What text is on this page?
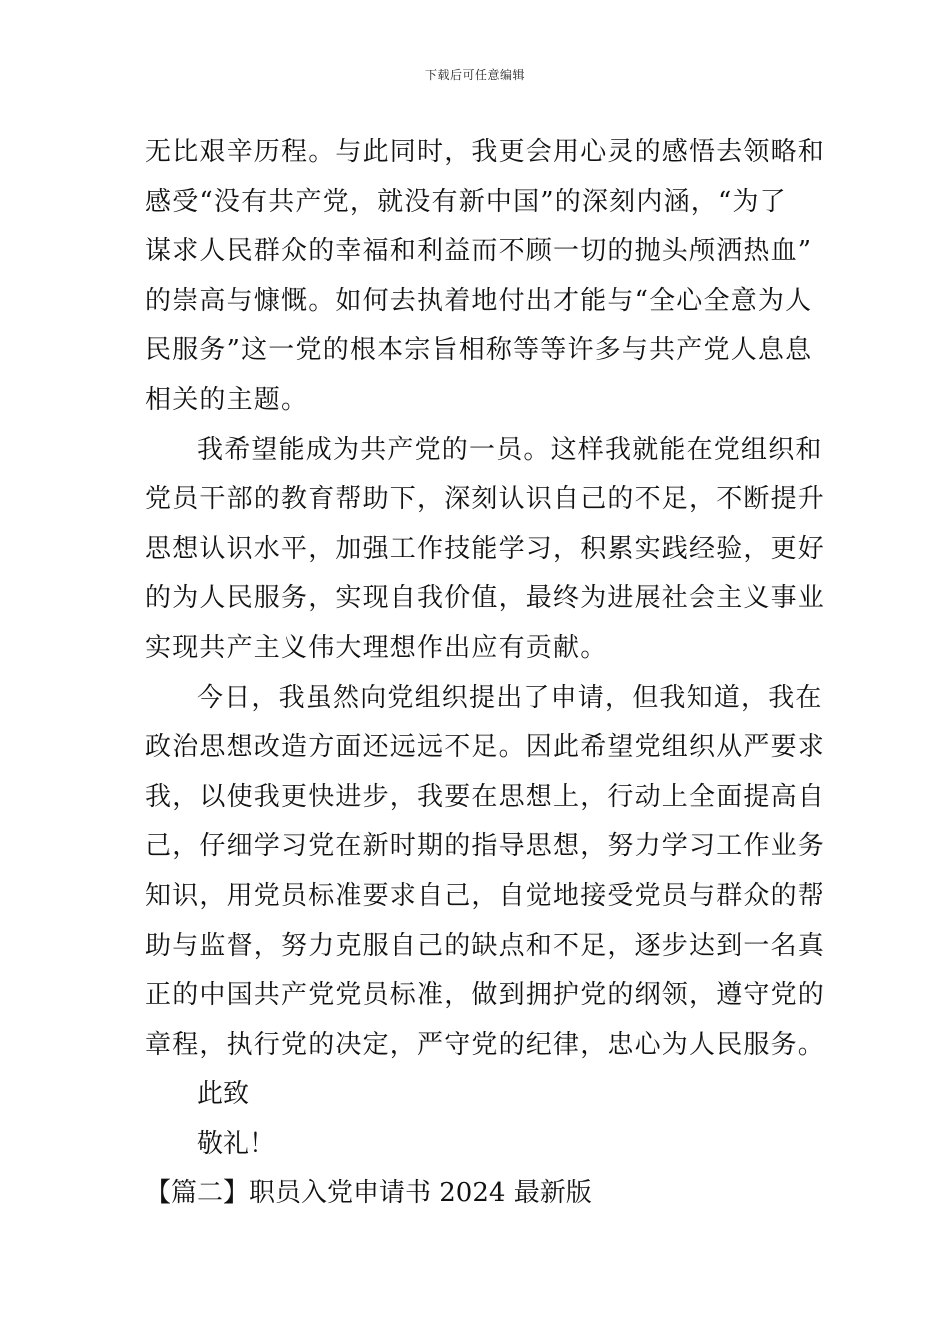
下载后可任意编辑
无比艰辛历程。与此同时，我更会用心灵的感悟去领略和
感受“没有共产党，就没有新中国”的深刻内涵，“为了
谋求人民群众的幸福和利益而不顾一切的抛头颅洒热血”
的崇高与慷慨。如何去执着地付出才能与“全心全意为人
民服务”这一党的根本宗旨相称等等许多与共产党人息息
相关的主题。
我希望能成为共产党的一员。这样我就能在党组织和
党员干部的教育帮助下，深刻认识自己的不足，不断提升
思想认识水平，加强工作技能学习，积累实践经验，更好
的为人民服务，实现自我价值，最终为进展社会主义事业
实现共产主义伟大理想作出应有贡献。
今日，我虽然向党组织提出了申请，但我知道，我在
政治思想改造方面还远远不足。因此希望党组织从严要求
我，以使我更快进步，我要在思想上，行动上全面提高自
己，仔细学习党在新时期的指导思想，努力学习工作业务
知识，用党员标准要求自己，自觉地接受党员与群众的帮
助与监督，努力克服自己的缺点和不足，逐步达到一名真
正的中国共产党党员标准，做到拥护党的纲领，遵守党的
章程，执行党的决定，严守党的纪律，忠心为人民服务。
此致
敬礼！
【篇二】职员入党申请书 2024 最新版
